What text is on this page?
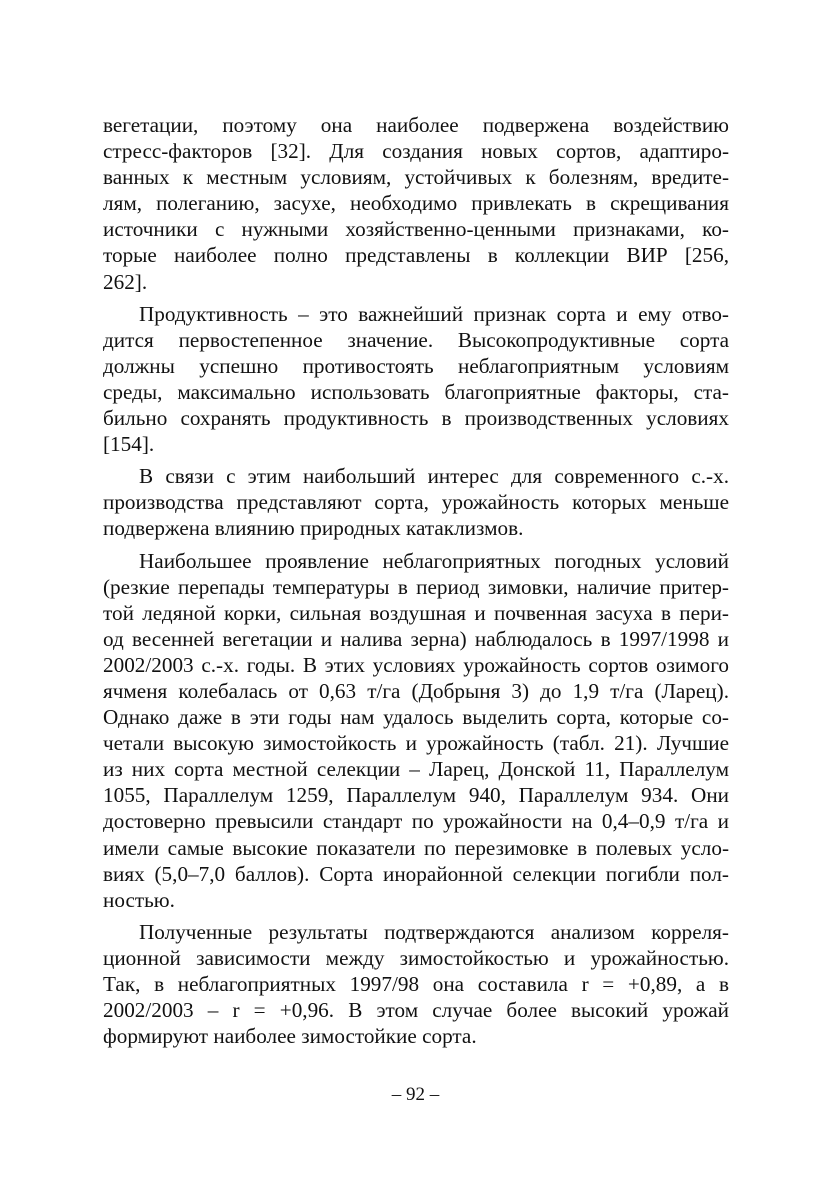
вегетации, поэтому она наиболее подвержена воздействию
стресс-факторов [32]. Для создания новых сортов, адаптиро-
ванных к местным условиям, устойчивых к болезням, вредите-
лям, полеганию, засухе, необходимо привлекать в скрещивания
источники с нужными хозяйственно-ценными признаками, ко-
торые наиболее полно представлены в коллекции ВИР [256,
262].
Продуктивность – это важнейший признак сорта и ему отво-
дится первостепенное значение. Высокопродуктивные сорта
должны успешно противостоять неблагоприятным условиям
среды, максимально использовать благоприятные факторы, ста-
бильно сохранять продуктивность в производственных условиях
[154].
В связи с этим наибольший интерес для современного с.-х.
производства представляют сорта, урожайность которых меньше
подвержена влиянию природных катаклизмов.
Наибольшее проявление неблагоприятных погодных условий
(резкие перепады температуры в период зимовки, наличие притер-
той ледяной корки, сильная воздушная и почвенная засуха в пери-
од весенней вегетации и налива зерна) наблюдалось в 1997/1998 и
2002/2003 с.-х. годы. В этих условиях урожайность сортов озимого
ячменя колебалась от 0,63 т/га (Добрыня 3) до 1,9 т/га (Ларец).
Однако даже в эти годы нам удалось выделить сорта, которые со-
четали высокую зимостойкость и урожайность (табл. 21). Лучшие
из них сорта местной селекции – Ларец, Донской 11, Параллелум
1055, Параллелум 1259, Параллелум 940, Параллелум 934. Они
достоверно превысили стандарт по урожайности на 0,4–0,9 т/га и
имели самые высокие показатели по перезимовке в полевых усло-
виях (5,0–7,0 баллов). Сорта инорайонной селекции погибли пол-
ностью.
Полученные результаты подтверждаются анализом корреля-
ционной зависимости между зимостойкостью и урожайностью.
Так, в неблагоприятных 1997/98 она составила r = +0,89, а в
2002/2003 – r = +0,96. В этом случае более высокий урожай
формируют наиболее зимостойкие сорта.
– 92 –
